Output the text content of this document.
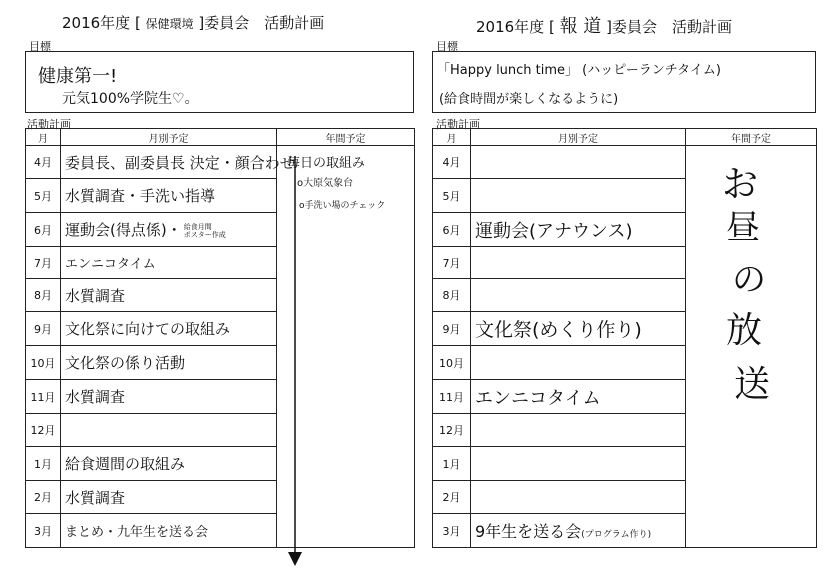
2016年度 [ 保健環境 ]委員会　活動計画
目標
健康第一!
元気100%学院生♡。
活動計画
月	月別予定	年間予定
4月	委員長、副委員長 決定・顔合わせ	毎日の取組み
o大原気象台
o手洗い場のチェック

5月	水質調査・手洗い指導	
6月	運動会(得点係)・ 給食月間
ポスター作成	
7月	エンニコタイム	
8月	水質調査	
9月	文化祭に向けての取組み	
10月	文化祭の係り活動	
11月	水質調査	
12月		
1月	給食週間の取組み	
2月	水質調査	
3月	まとめ・九年生を送る会	
2016年度 [ 報 道 ]委員会　活動計画
目標
「Happy lunch time」 (ハッピーランチタイム)
(給食時間が楽しくなるように)
活動計画
月	月別予定	年間予定
4月		お
昼
の
放
送

5月		
6月	運動会(アナウンス)	
7月		
8月		
9月	文化祭(めくり作り)	
10月		
11月	エンニコタイム	
12月		
1月		
2月		
3月	9年生を送る会(プログラム作り)	
